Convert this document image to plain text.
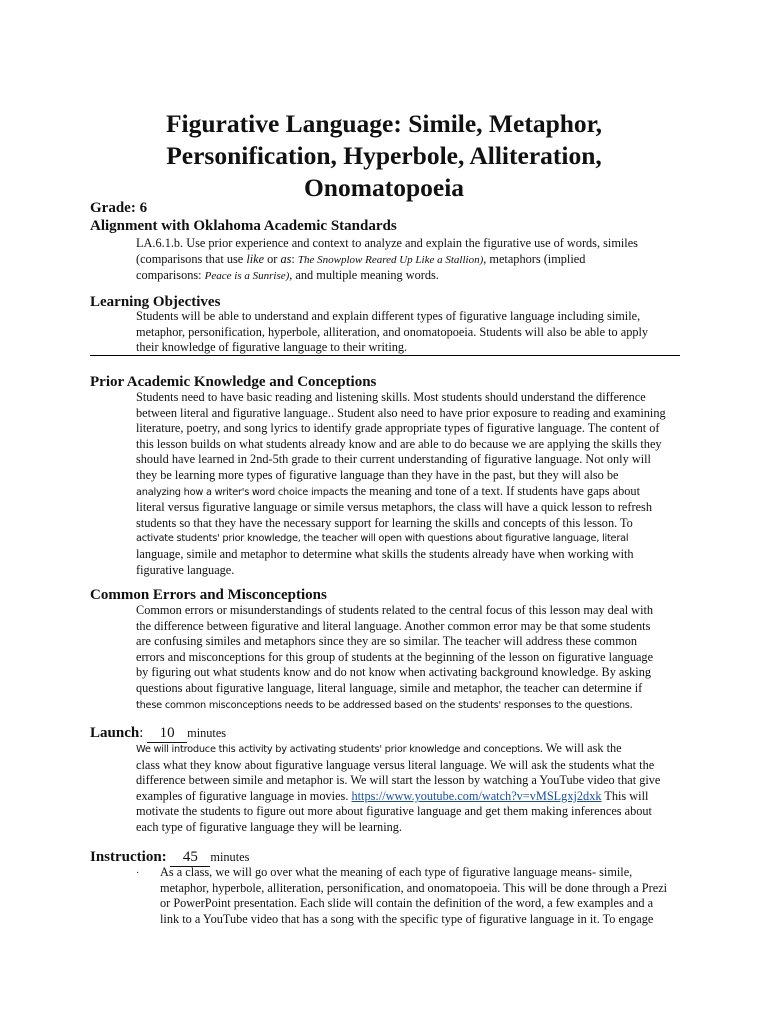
Figurative Language: Simile, Metaphor,
Personification, Hyperbole, Alliteration,
Onomatopoeia
Grade: 6
Alignment with Oklahoma Academic Standards
LA.6.1.b. Use prior experience and context to analyze and explain the figurative use of words, similes
(comparisons that use like or as: The Snowplow Reared Up Like a Stallion), metaphors (implied
comparisons: Peace is a Sunrise), and multiple meaning words.
Learning Objectives
Students will be able to understand and explain different types of figurative language including simile,
metaphor, personification, hyperbole, alliteration, and onomatopoeia. Students will also be able to apply
their knowledge of figurative language to their writing.
Prior Academic Knowledge and Conceptions
Students need to have basic reading and listening skills. Most students should understand the difference
between literal and figurative language.. Student also need to have prior exposure to reading and examining
literature, poetry, and song lyrics to identify grade appropriate types of figurative language. The content of
this lesson builds on what students already know and are able to do because we are applying the skills they
should have learned in 2nd-5th grade to their current understanding of figurative language. Not only will
they be learning more types of figurative language than they have in the past, but they will also be
analyzing how a writer's word choice impacts the meaning and tone of a text. If students have gaps about
literal versus figurative language or simile versus metaphors, the class will have a quick lesson to refresh
students so that they have the necessary support for learning the skills and concepts of this lesson. To
activate students' prior knowledge, the teacher will open with questions about figurative language, literal
language, simile and metaphor to determine what skills the students already have when working with
figurative language.
Common Errors and Misconceptions
Common errors or misunderstandings of students related to the central focus of this lesson may deal with
the difference between figurative and literal language. Another common error may be that some students
are confusing similes and metaphors since they are so similar. The teacher will address these common
errors and misconceptions for this group of students at the beginning of the lesson on figurative language
by figuring out what students know and do not know when activating background knowledge. By asking
questions about figurative language, literal language, simile and metaphor, the teacher can determine if
these common misconceptions needs to be addressed based on the students' responses to the questions.
Launch: 10 minutes
We will introduce this activity by activating students' prior knowledge and conceptions. We will ask the
class what they know about figurative language versus literal language. We will ask the students what the
difference between simile and metaphor is. We will start the lesson by watching a YouTube video that give
examples of figurative language in movies. https://www.youtube.com/watch?v=vMSLgxj2dxk This will
motivate the students to figure out more about figurative language and get them making inferences about
each type of figurative language they will be learning.
Instruction: 45 minutes
· As a class, we will go over what the meaning of each type of figurative language means- simile,
metaphor, hyperbole, alliteration, personification, and onomatopoeia. This will be done through a Prezi
or PowerPoint presentation. Each slide will contain the definition of the word, a few examples and a
link to a YouTube video that has a song with the specific type of figurative language in it. To engage
